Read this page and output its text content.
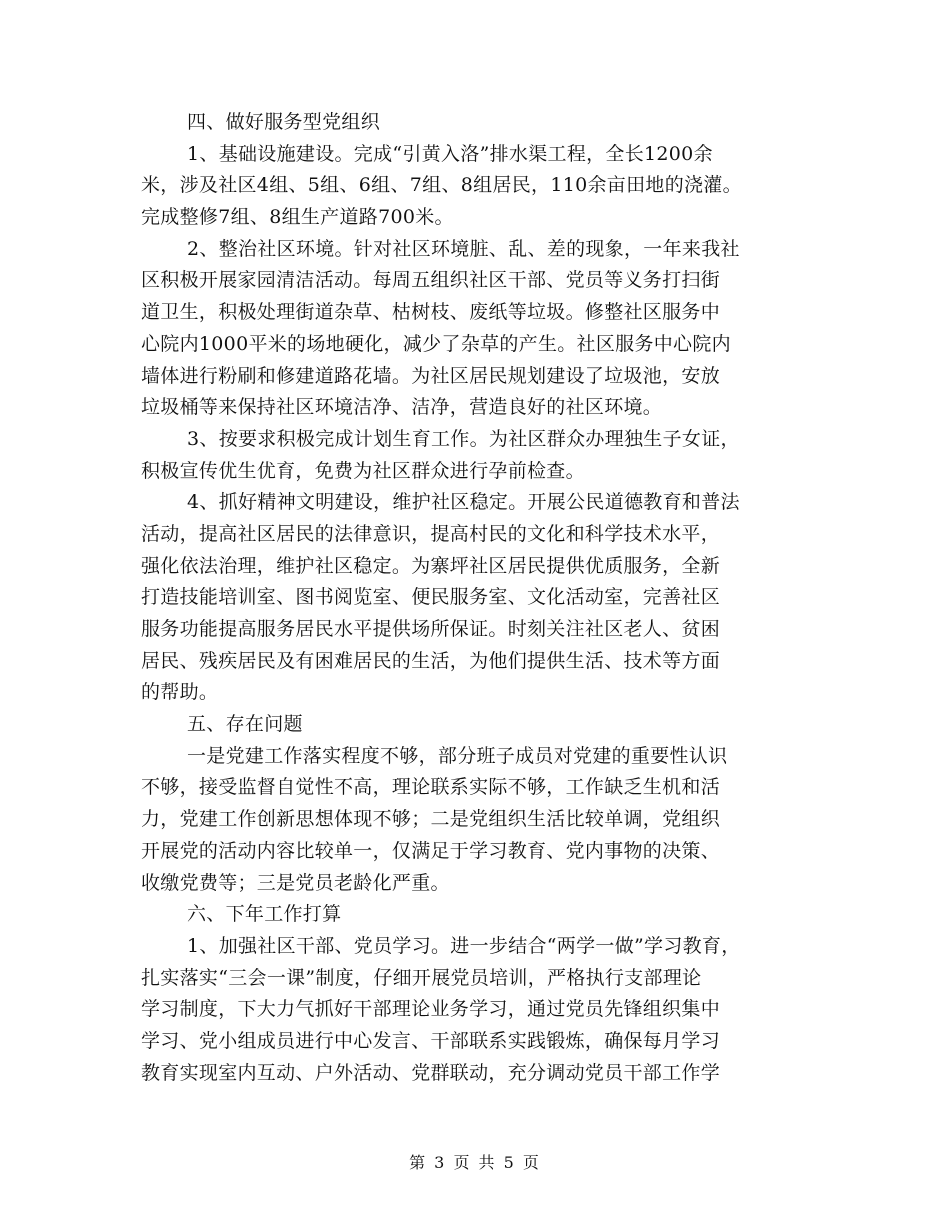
四、做好服务型党组织
1、基础设施建设。完成“引黄入洛”排水渠工程，全长1200余
米，涉及社区4组、5组、6组、7组、8组居民，110余亩田地的浇灌。
完成整修7组、8组生产道路700米。
2、整治社区环境。针对社区环境脏、乱、差的现象，一年来我社
区积极开展家园清洁活动。每周五组织社区干部、党员等义务打扫街
道卫生，积极处理街道杂草、枯树枝、废纸等垃圾。修整社区服务中
心院内1000平米的场地硬化，减少了杂草的产生。社区服务中心院内
墙体进行粉刷和修建道路花墙。为社区居民规划建设了垃圾池，安放
垃圾桶等来保持社区环境洁净、洁净，营造良好的社区环境。
3、按要求积极完成计划生育工作。为社区群众办理独生子女证，
积极宣传优生优育，免费为社区群众进行孕前检查。
4、抓好精神文明建设，维护社区稳定。开展公民道德教育和普法
活动，提高社区居民的法律意识，提高村民的文化和科学技术水平，
强化依法治理，维护社区稳定。为寨坪社区居民提供优质服务，全新
打造技能培训室、图书阅览室、便民服务室、文化活动室，完善社区
服务功能提高服务居民水平提供场所保证。时刻关注社区老人、贫困
居民、残疾居民及有困难居民的生活，为他们提供生活、技术等方面
的帮助。
五、存在问题
一是党建工作落实程度不够，部分班子成员对党建的重要性认识
不够，接受监督自觉性不高，理论联系实际不够，工作缺乏生机和活
力，党建工作创新思想体现不够；二是党组织生活比较单调，党组织
开展党的活动内容比较单一，仅满足于学习教育、党内事物的决策、
收缴党费等；三是党员老龄化严重。
六、下年工作打算
1、加强社区干部、党员学习。进一步结合“两学一做”学习教育，
扎实落实“三会一课”制度，仔细开展党员培训，严格执行支部理论
学习制度，下大力气抓好干部理论业务学习，通过党员先锋组织集中
学习、党小组成员进行中心发言、干部联系实践锻炼，确保每月学习
教育实现室内互动、户外活动、党群联动，充分调动党员干部工作学
第 3 页 共 5 页
